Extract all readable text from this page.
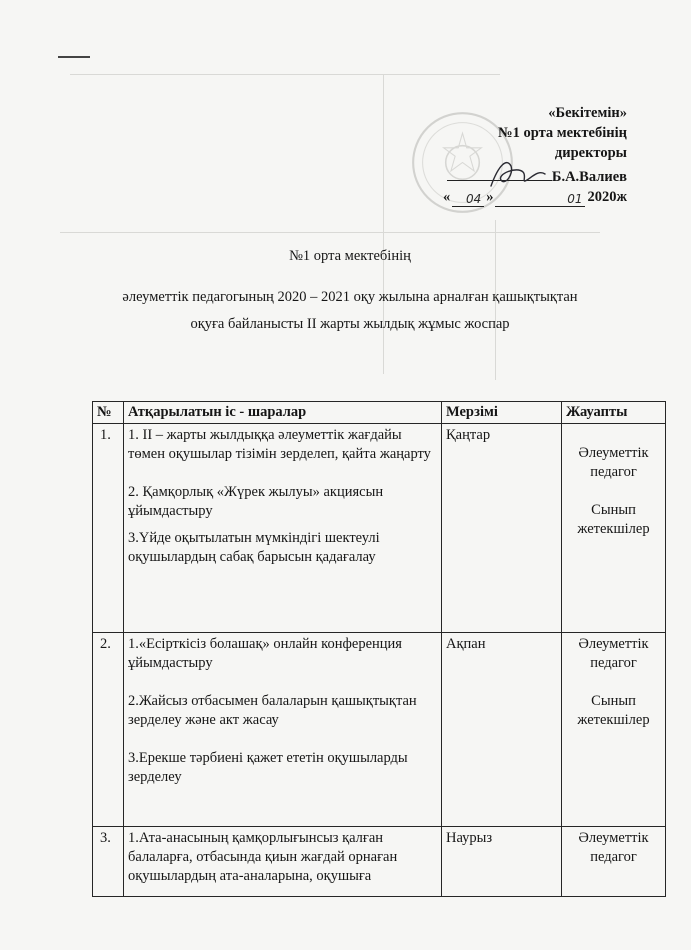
«Бекітемін»
№1 орта мектебінің
директоры
Б.А.Валиев
«	04 »	01 2020ж
№1 орта мектебінің
әлеуметтік педагогының 2020 – 2021 оқу жылына арналған қашықтықтан
оқуға байланысты ІІ жарты жылдық жұмыс жоспар
№	Атқарылатын іс - шаралар	Мерзімі	Жауапты
1.	1. ІІ – жарты жылдыққа әлеуметтік жағдайы төмен оқушылар тізімін зерделеп, қайта жаңарту
2. Қамқорлық «Жүрек жылуы» акциясын ұйымдастыру
3.Үйде оқытылатын мүмкіндігі шектеулі оқушылардың сабақ барысын қадағалау	Қаңтар	Әлеуметтік педагог
Сынып жетекшілер

2.	1.«Есірткісіз болашақ» онлайн конференция ұйымдастыру
2.Жайсыз отбасымен балаларын қашықтықтан зерделеу және акт жасау
3.Ерекше тәрбиені қажет ететін оқушыларды зерделеу	Ақпан	Әлеуметтік педагог
Сынып жетекшілер

3.	1.Ата-анасының қамқорлығынсыз қалған балаларға, отбасында қиын жағдай орнаған оқушылардың ата-аналарына, оқушыға	Наурыз	Әлеуметтік педагог
